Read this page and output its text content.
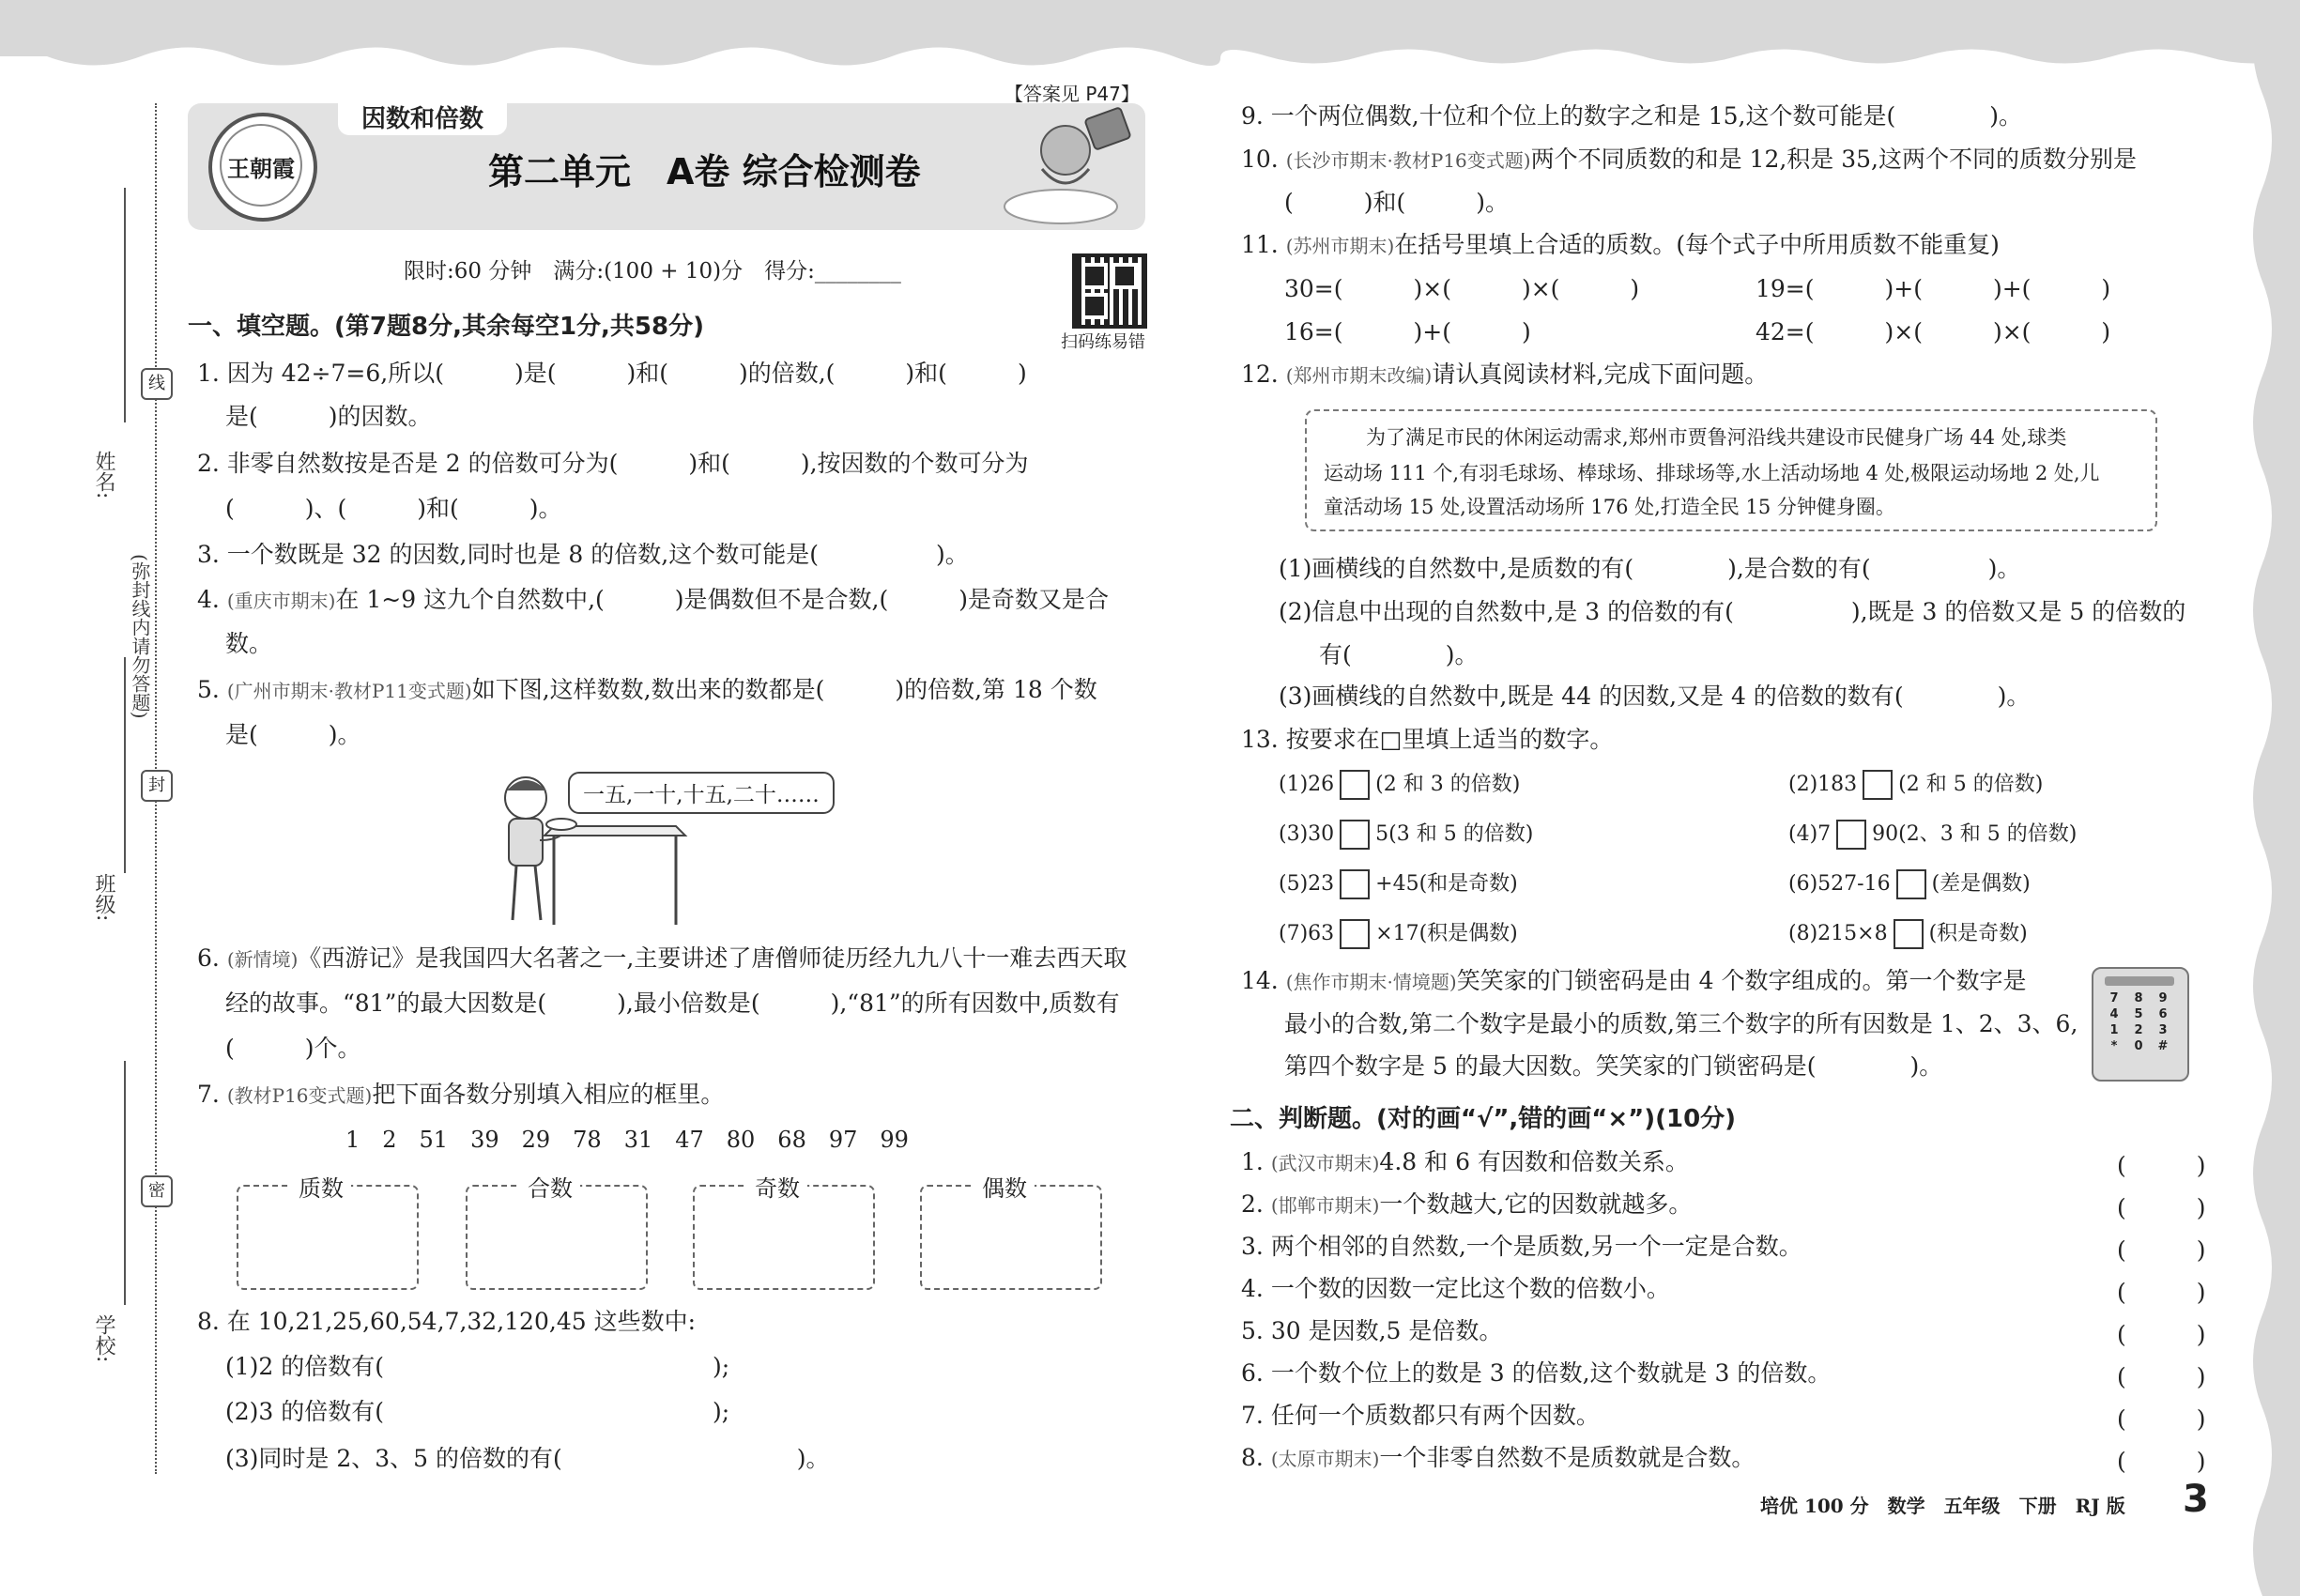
姓名:
班级:
学校:
(弥封线内请勿答题)
线
封
密
因数和倍数
【答案见 P47】
王朝霞	第二单元　A卷 综合检测卷
限时:60 分钟　满分:(100 + 10)分　得分:________
扫码练易错
一、填空题。(第7题8分,其余每空1分,共58分)
1. 因为 42÷7=6,所以(　　　)是(　　　)和(　　　)的倍数,(　　　)和(　　　)
是(　　　)的因数。
2. 非零自然数按是否是 2 的倍数可分为(　　　)和(　　　),按因数的个数可分为
(　　　)、(　　　)和(　　　)。
3. 一个数既是 32 的因数,同时也是 8 的倍数,这个数可能是(　　　　　)。
4. (重庆市期末)在 1~9 这九个自然数中,(　　　)是偶数但不是合数,(　　　)是奇数又是合
数。
5. (广州市期末·教材P11变式题)如下图,这样数数,数出来的数都是(　　　)的倍数,第 18 个数
是(　　　)。
一五,一十,十五,二十……
6. (新情境)《西游记》是我国四大名著之一,主要讲述了唐僧师徒历经九九八十一难去西天取
经的故事。“81”的最大因数是(　　　),最小倍数是(　　　),“81”的所有因数中,质数有
(　　　)个。
7. (教材P16变式题)把下面各数分别填入相应的框里。
1　2　51　39　29　78　31　47　80　68　97　99
质数	合数	奇数	偶数
8. 在 10,21,25,60,54,7,32,120,45 这些数中:
(1)2 的倍数有(　　　　　　　　　　　　　　);
(2)3 的倍数有(　　　　　　　　　　　　　　);
(3)同时是 2、3、5 的倍数的有(　　　　　　　　　　)。
9. 一个两位偶数,十位和个位上的数字之和是 15,这个数可能是(　　　　)。
10. (长沙市期末·教材P16变式题)两个不同质数的和是 12,积是 35,这两个不同的质数分别是
(　　　)和(　　　)。
11. (苏州市期末)在括号里填上合适的质数。(每个式子中所用质数不能重复)
30=(　　　)×(　　　)×(　　　)	19=(　　　)+(　　　)+(　　　)
16=(　　　)+(　　　)	42=(　　　)×(　　　)×(　　　)
12. (郑州市期末改编)请认真阅读材料,完成下面问题。
为了满足市民的休闲运动需求,郑州市贾鲁河沿线共建设市民健身广场 44 处,球类
运动场 111 个,有羽毛球场、棒球场、排球场等,水上活动场地 4 处,极限运动场地 2 处,儿
童活动场 15 处,设置活动场所 176 处,打造全民 15 分钟健身圈。
(1)画横线的自然数中,是质数的有(　　　　),是合数的有(　　　　　)。
(2)信息中出现的自然数中,是 3 的倍数的有(　　　　　),既是 3 的倍数又是 5 的倍数的
有(　　　　)。
(3)画横线的自然数中,既是 44 的因数,又是 4 的倍数的数有(　　　　)。
13. 按要求在□里填上适当的数字。
(1)26 (2 和 3 的倍数)	(2)183 (2 和 5 的倍数)
(3)30 5(3 和 5 的倍数)	(4)7 90(2、3 和 5 的倍数)
(5)23 +45(和是奇数)	(6)527-16 (差是偶数)
(7)63 ×17(积是偶数)	(8)215×8 (积是奇数)
14. (焦作市期末·情境题)笑笑家的门锁密码是由 4 个数字组成的。第一个数字是
最小的合数,第二个数字是最小的质数,第三个数字的所有因数是 1、2、3、6,
第四个数字是 5 的最大因数。笑笑家的门锁密码是(　　　　)。
7	8	9
4	5	6
1	2	3
*	0	#
二、判断题。(对的画“√”,错的画“×”)(10分)
1. (武汉市期末)4.8 和 6 有因数和倍数关系。	(　　　)
2. (邯郸市期末)一个数越大,它的因数就越多。	(　　　)
3. 两个相邻的自然数,一个是质数,另一个一定是合数。	(　　　)
4. 一个数的因数一定比这个数的倍数小。	(　　　)
5. 30 是因数,5 是倍数。	(　　　)
6. 一个数个位上的数是 3 的倍数,这个数就是 3 的倍数。	(　　　)
7. 任何一个质数都只有两个因数。	(　　　)
8. (太原市期末)一个非零自然数不是质数就是合数。	(　　　)
培优 100 分　数学　五年级　下册　RJ 版 3
